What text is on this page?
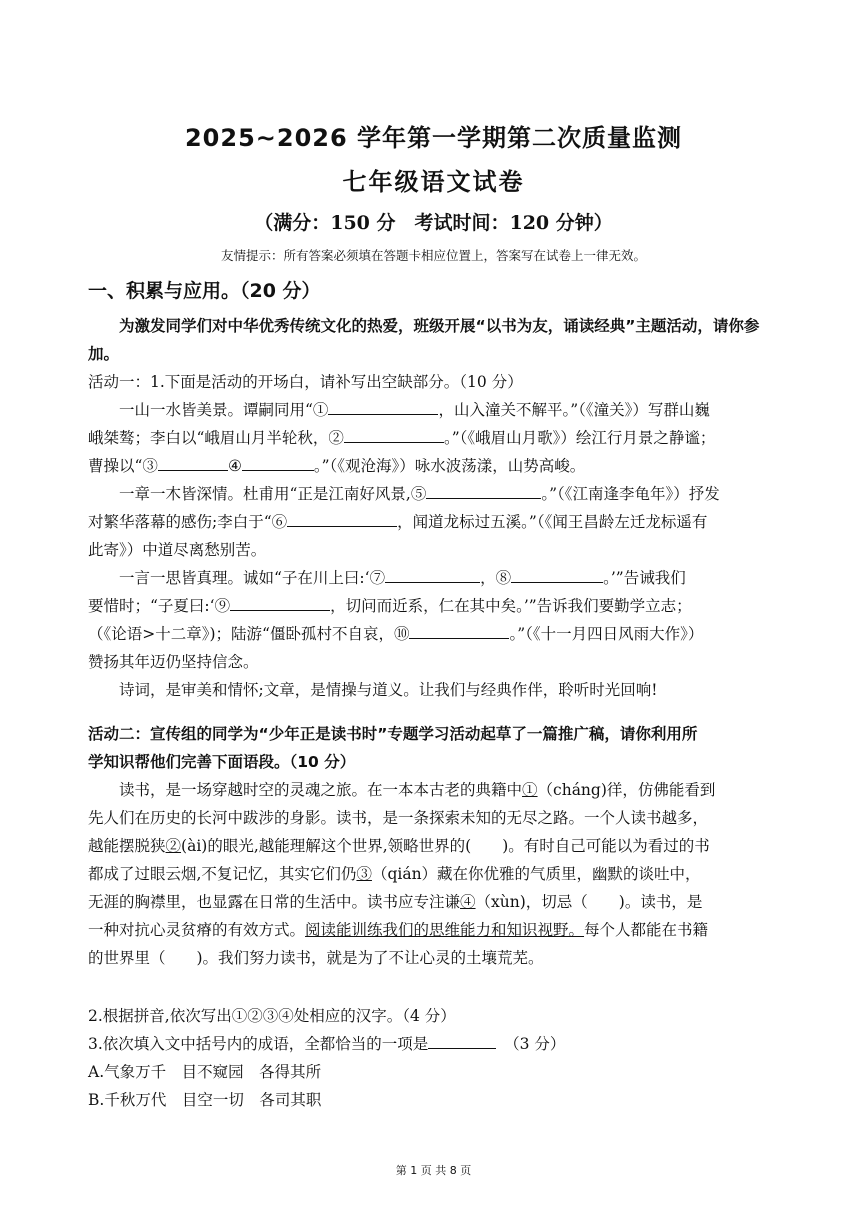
2025~2026 学年第一学期第二次质量监测
七年级语文试卷
（满分：150 分　考试时间：120 分钟）
友情提示：所有答案必须填在答题卡相应位置上，答案写在试卷上一律无效。
一、积累与应用。（20 分）

为激发同学们对中华优秀传统文化的热爱，班级开展“以书为友，诵读经典”主题活动，请你参加。

活动一：1.下面是活动的开场白，请补写出空缺部分。（10 分）
一山一水皆美景。谭嗣同用“①	，山入潼关不解平。”（《潼关》）写群山巍
峨桀骜；李白以“峨眉山月半轮秋，②	。”（《峨眉山月歌》）绘江行月景之静谧；
曹操以“③	④	。”（《观沧海》）咏水波荡漾，山势高峻。
一章一木皆深情。杜甫用“正是江南好风景,⑤	。”（《江南逢李龟年》）抒发
对繁华落幕的感伤;李白于“⑥	，闻道龙标过五溪。”（《闻王昌龄左迁龙标遥有
此寄》）中道尽离愁别苦。
一言一思皆真理。诚如“子在川上曰:‘⑦	，⑧	。’”告诫我们
要惜时；“子夏曰:‘⑨	，切问而近系，仁在其中矣。’”告诉我们要勤学立志；
（《论语>十二章》)；陆游“僵卧孤村不自哀，⑩	。”（《十一月四日风雨大作》）
赞扬其年迈仍坚持信念。
诗词，是审美和情怀;文章，是情操与道义。让我们与经典作伴，聆听时光回响!
活动二：宣传组的同学为“少年正是读书时”专题学习活动起草了一篇推广稿，请你利用所
学知识帮他们完善下面语段。（10 分）
读书，是一场穿越时空的灵魂之旅。在一本本古老的典籍中①（cháng)徉，仿佛能看到
先人们在历史的长河中跋涉的身影。读书，是一条探索未知的无尽之路。一个人读书越多，
越能摆脱狭②(ài)的眼光,越能理解这个世界,领略世界的(　　)。有时自己可能以为看过的书
都成了过眼云烟,不复记忆，其实它们仍③（qián）藏在你优雅的气质里，幽默的谈吐中，
无涯的胸襟里，也显露在日常的生活中。读书应专注谦④（xùn)，切忌（　　)。读书，是
一种对抗心灵贫瘠的有效方式。阅读能训练我们的思维能力和知识视野。每个人都能在书籍
的世界里（　　)。我们努力读书，就是为了不让心灵的土壤荒芜。
2.根据拼音,依次写出①②③④处相应的汉字。（4 分）
3.依次填入文中括号内的成语，全都恰当的一项是　	（3 分）
A.气象万千　目不窥园　各得其所
B.千秋万代　目空一切　各司其职
第 1 页 共 8 页
